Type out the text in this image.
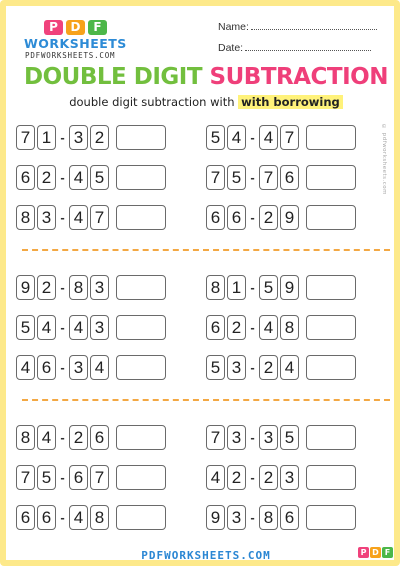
P	D	F
WORKSHEETS
PDFWORKSHEETS.COM
Name:
Date:
DOUBLE DIGIT SUBTRACTION
double digit subtraction with with borrowing
© pdfworksheets.com
7 1 - 3 2	5 4 - 4 7
6 2 - 4 5	7 5 - 7 6
8 3 - 4 7	6 6 - 2 9
9 2 - 8 3	8 1 - 5 9
5 4 - 4 3	6 2 - 4 8
4 6 - 3 4	5 3 - 2 4
8 4 - 2 6	7 3 - 3 5
7 5 - 6 7	4 2 - 2 3
6 6 - 4 8	9 3 - 8 6
PDFWORKSHEETS.COM	P D F
